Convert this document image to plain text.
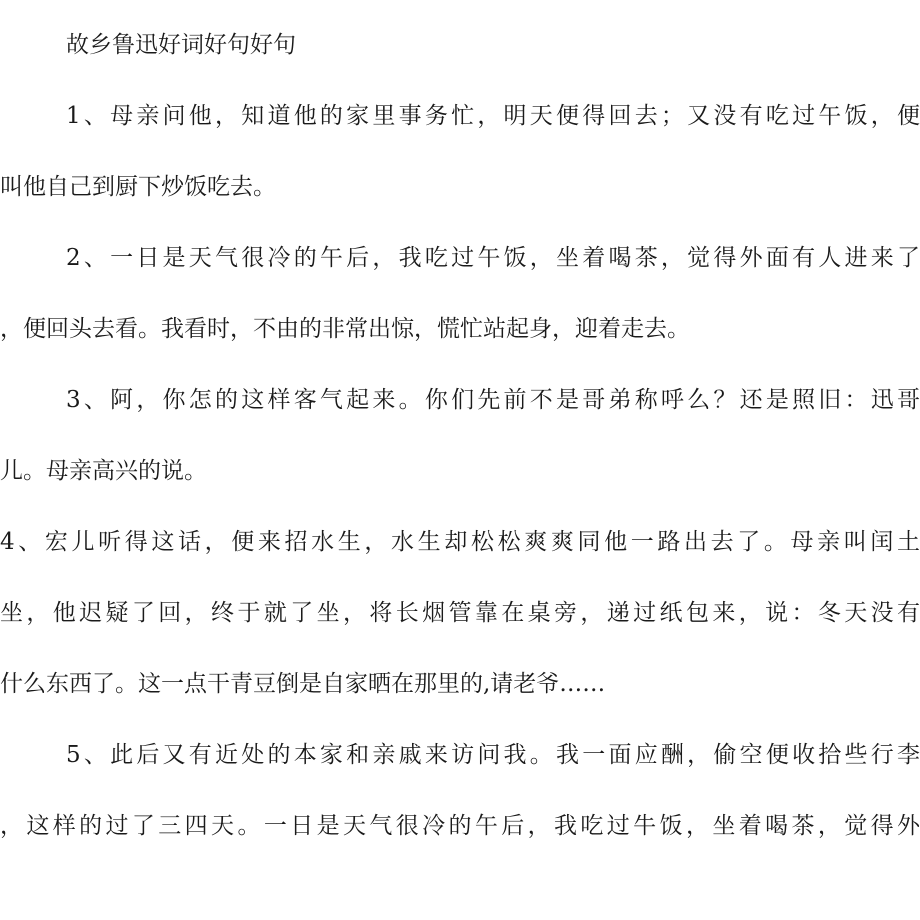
故乡鲁迅好词好句好句
1、母亲问他，知道他的家里事务忙，明天便得回去；又没有吃过午饭，便
叫他自己到厨下炒饭吃去。
2、一日是天气很冷的午后，我吃过午饭，坐着喝茶，觉得外面有人进来了
，便回头去看。我看时，不由的非常出惊，慌忙站起身，迎着走去。
3、阿，你怎的这样客气起来。你们先前不是哥弟称呼么？还是照旧：迅哥
儿。母亲高兴的说。
4、宏儿听得这话，便来招水生，水生却松松爽爽同他一路出去了。母亲叫闰土
坐，他迟疑了回，终于就了坐，将长烟管靠在桌旁，递过纸包来，说：冬天没有
什么东西了。这一点干青豆倒是自家晒在那里的,请老爷……
5、此后又有近处的本家和亲戚来访问我。我一面应酬，偷空便收拾些行李
，这样的过了三四天。一日是天气很冷的午后，我吃过牛饭，坐着喝茶，觉得外
